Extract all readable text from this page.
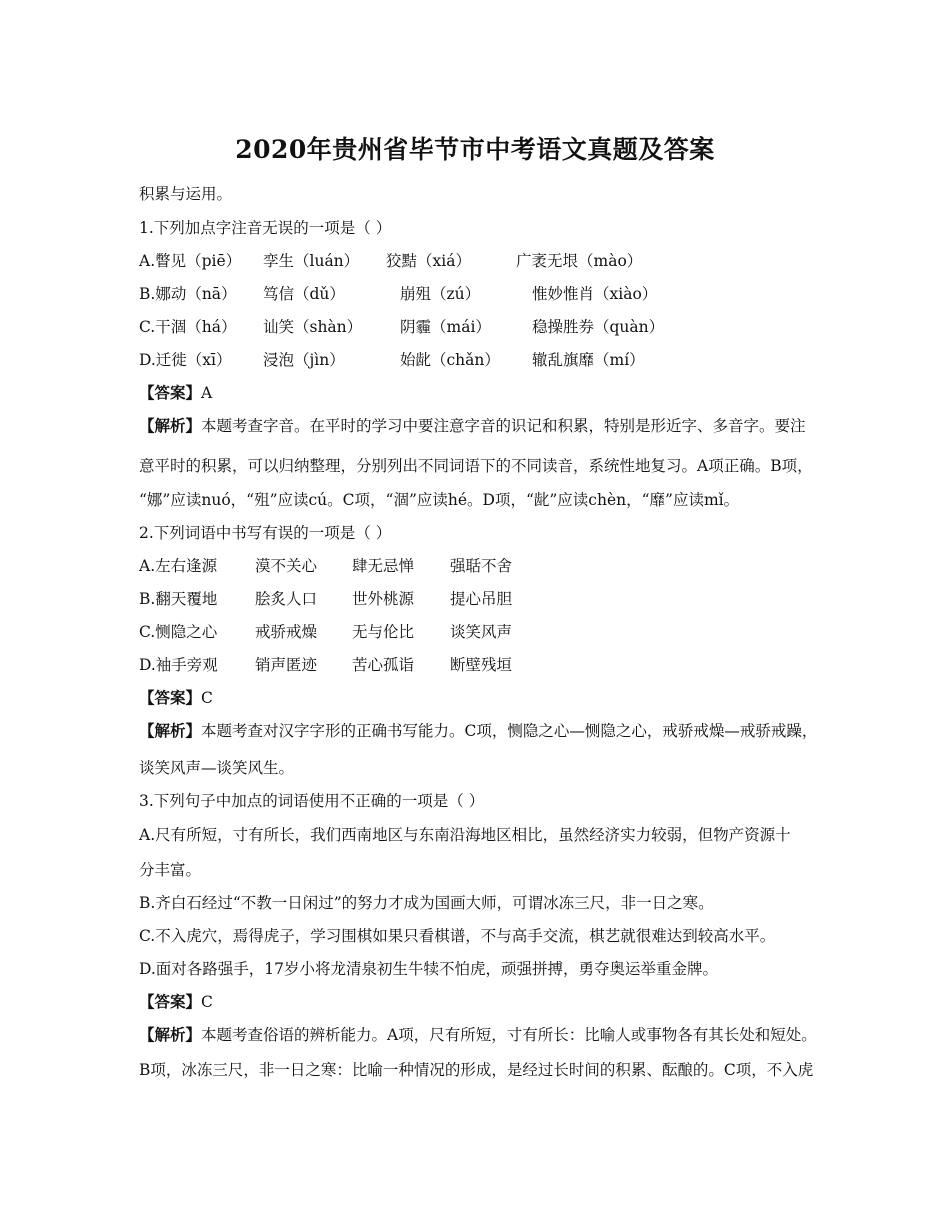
2020年贵州省毕节市中考语文真题及答案
积累与运用。
1.下列加点字注音无误的一项是（ ）
A.瞥见（piē） 孪生（luán） 狡黠（xiá）	广袤无垠（mào）
B.娜动（nā） 笃信（dǔ）	崩殂（zú）	惟妙惟肖（xiào）
C.干涸（há） 讪笑（shàn） 阴霾（mái）	稳操胜券（quàn）
D.迁徙（xī） 浸泡（jìn）	始龀（chǎn） 辙乱旗靡（mí）
【答案】A
【解析】本题考查字音。在平时的学习中要注意字音的识记和积累，特别是形近字、多音字。要注
意平时的积累，可以归纳整理，分别列出不同词语下的不同读音，系统性地复习。A项正确。B项，
“娜”应读nuó，“殂”应读cú。C项，“涸”应读hé。D项，“龀”应读chèn，“靡”应读mǐ。
2.下列词语中书写有误的一项是（ ）
A.左右逢源 漠不关心 肆无忌惮 强聒不舍
B.翻天覆地 脍炙人口 世外桃源 提心吊胆
C.恻隐之心 戒骄戒燥 无与伦比 谈笑风声
D.袖手旁观 销声匿迹 苦心孤诣 断壁残垣
【答案】C
【解析】本题考查对汉字字形的正确书写能力。C项，恻隐之心—恻隐之心，戒骄戒燥—戒骄戒躁，
谈笑风声—谈笑风生。
3.下列句子中加点的词语使用不正确的一项是（ ）
A.尺有所短，寸有所长，我们西南地区与东南沿海地区相比，虽然经济实力较弱，但物产资源十
分丰富。
B.齐白石经过“不教一日闲过”的努力才成为国画大师，可谓冰冻三尺，非一日之寒。
C.不入虎穴，焉得虎子，学习围棋如果只看棋谱，不与高手交流，棋艺就很难达到较高水平。
D.面对各路强手，17岁小将龙清泉初生牛犊不怕虎，顽强拼搏，勇夺奥运举重金牌。
【答案】C
【解析】本题考查俗语的辨析能力。A项，尺有所短，寸有所长：比喻人或事物各有其长处和短处。
B项，冰冻三尺，非一日之寒：比喻一种情况的形成，是经过长时间的积累、酝酿的。C项，不入虎
